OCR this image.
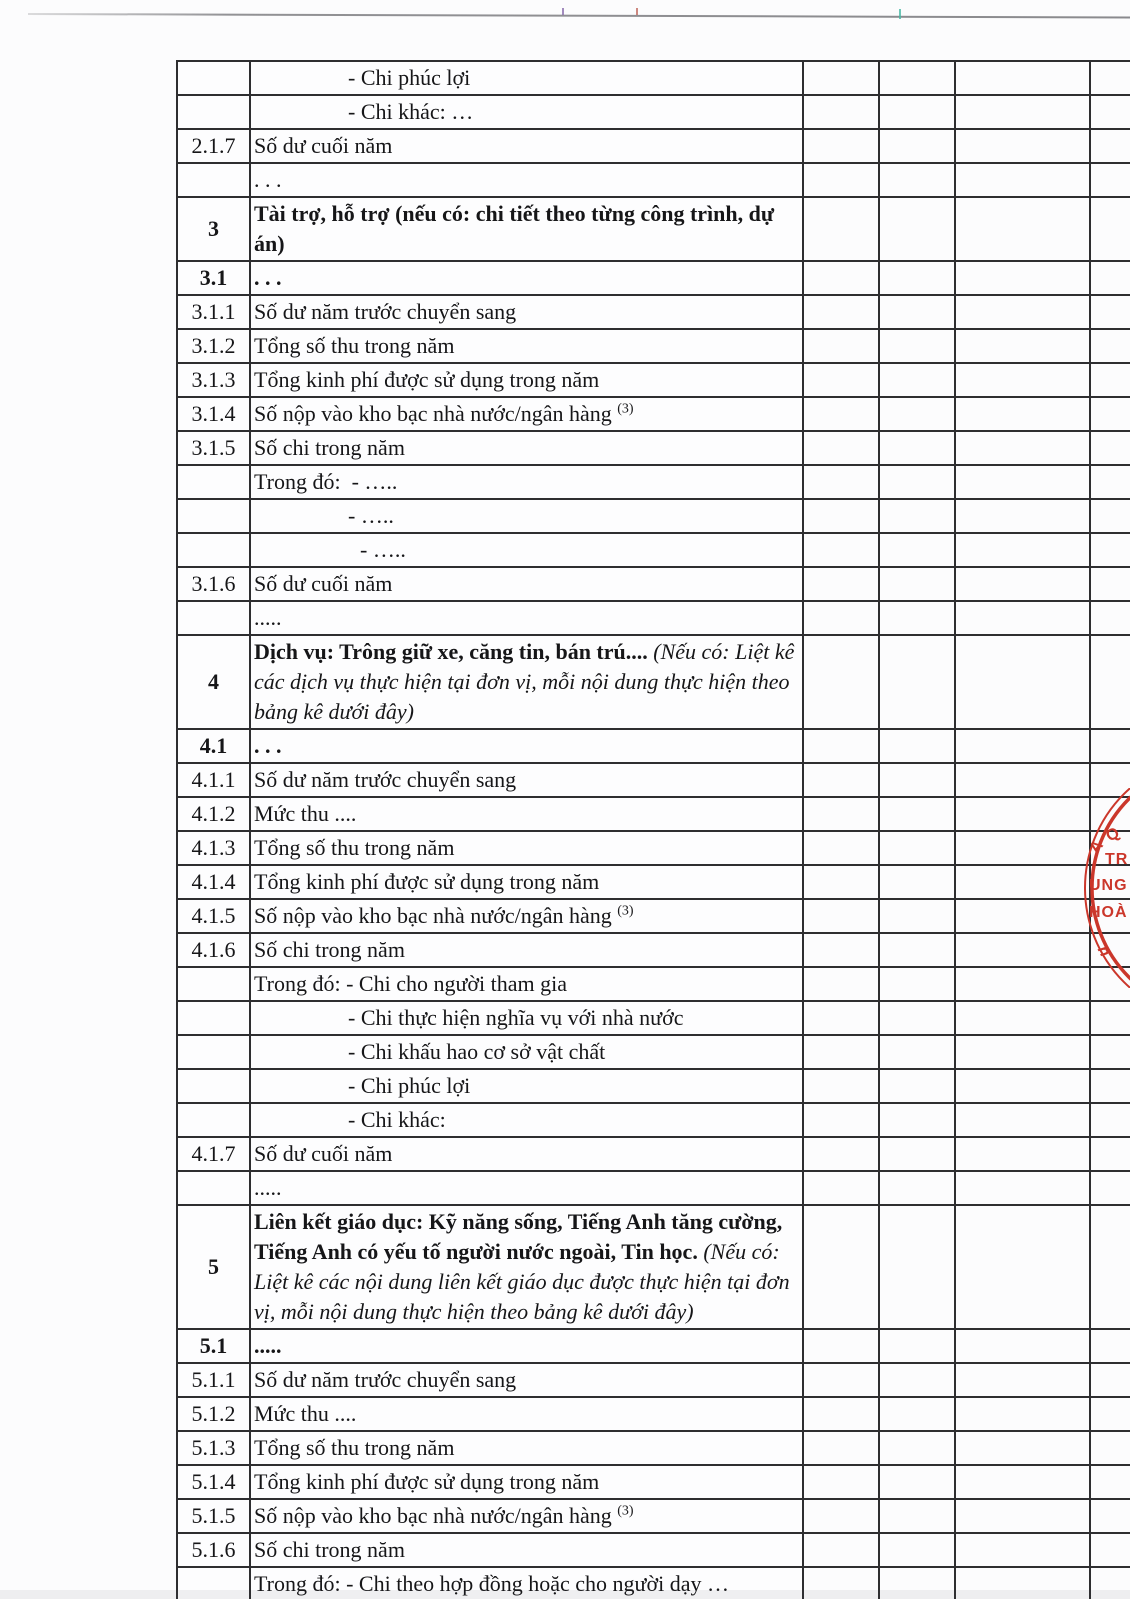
	- Chi phúc lợi				
	- Chi khác: …				
2.1.7	Số dư cuối năm				
	. . .				
3	Tài trợ, hỗ trợ (nếu có: chi tiết theo từng công trình, dự án)				
3.1	. . .				
3.1.1	Số dư năm trước chuyển sang				
3.1.2	Tổng số thu trong năm				
3.1.3	Tổng kinh phí được sử dụng trong năm				
3.1.4	Số nộp vào kho bạc nhà nước/ngân hàng $^{(3)}$				
3.1.5	Số chi trong năm				
	Trong đó:  - …..				
	- …..				
	- …..				
3.1.6	Số dư cuối năm				
	.....				
4	Dịch vụ: Trông giữ xe, căng tin, bán trú.... (Nếu có: Liệt kê các dịch vụ thực hiện tại đơn vị, mỗi nội dung thực hiện theo bảng kê dưới đây)				
4.1	. . .				
4.1.1	Số dư năm trước chuyển sang				
4.1.2	Mức thu ....				
4.1.3	Tổng số thu trong năm				
4.1.4	Tổng kinh phí được sử dụng trong năm				
4.1.5	Số nộp vào kho bạc nhà nước/ngân hàng $^{(3)}$				
4.1.6	Số chi trong năm				
	Trong đó: - Chi cho người tham gia				
	- Chi thực hiện nghĩa vụ với nhà nước				
	- Chi khấu hao cơ sở vật chất				
	- Chi phúc lợi				
	- Chi khác:				
4.1.7	Số dư cuối năm				
	.....				
5	Liên kết giáo dục: Kỹ năng sống, Tiếng Anh tăng cường, Tiếng Anh có yếu tố người nước ngoài, Tin học. (Nếu có: Liệt kê các nội dung liên kết giáo dục được thực hiện tại đơn vị, mỗi nội dung thực hiện theo bảng kê dưới đây)				
5.1	.....				
5.1.1	Số dư năm trước chuyển sang				
5.1.2	Mức thu ....				
5.1.3	Tổng số thu trong năm				
5.1.4	Tổng kinh phí được sử dụng trong năm				
5.1.5	Số nộp vào kho bạc nhà nước/ngân hàng $^{(3)}$				
5.1.6	Số chi trong năm				
	Trong đó: - Chi theo hợp đồng hoặc cho người dạy …				
A
Q
TR
UNG
HOÀ
n
